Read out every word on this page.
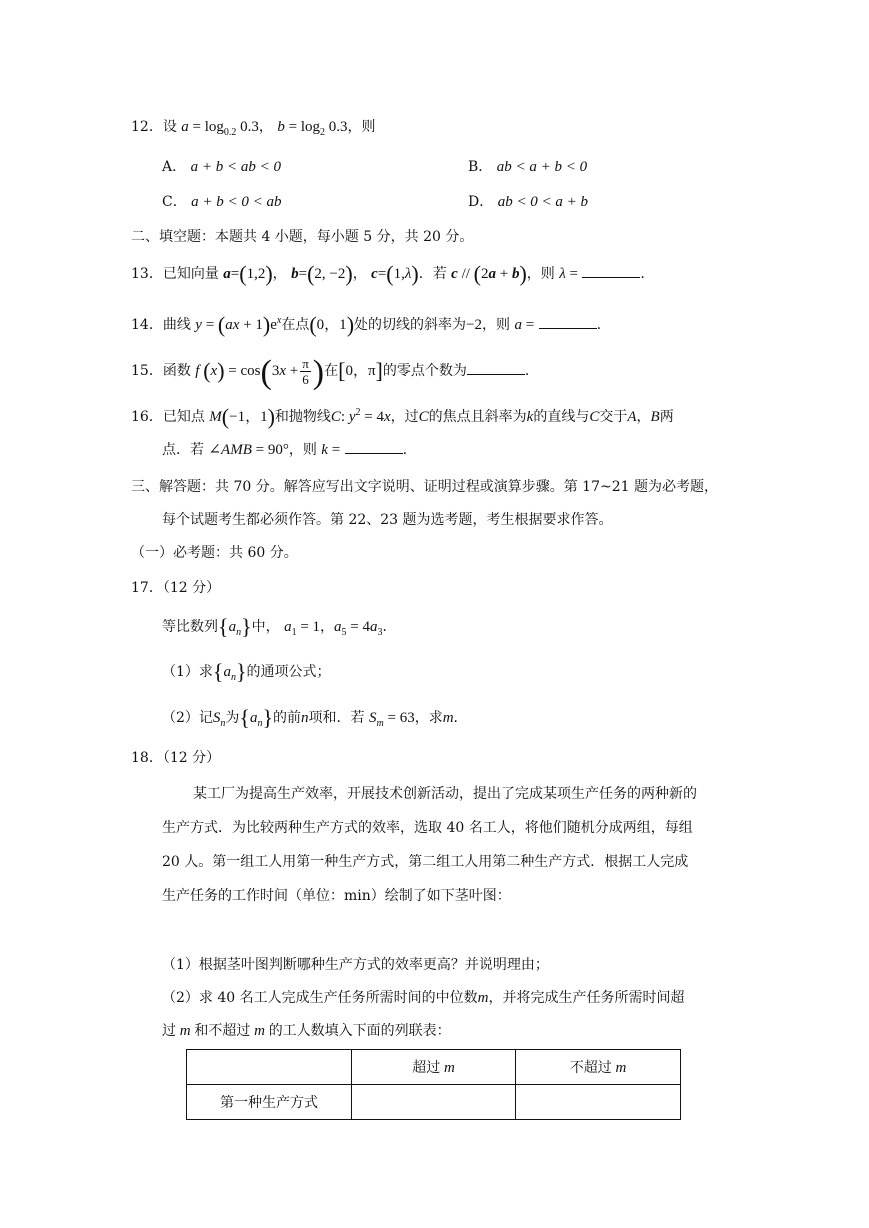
12．设 $a = \log_{0.2} 0.3$， $b = \log_2 0.3$，则
A． a + b < ab < 0	B． ab < a + b < 0
C． a + b < 0 < ab	D． ab < 0 < a + b
二、填空题：本题共 4 小题，每小题 5 分，共 20 分。
13．已知向量 a=(1,2)， b=(2, −2)， c=(1,λ)．若 c // (2a + b)，则 λ =	.
14．曲线 $y = (ax + 1)e^x$在点(0，1)处的切线的斜率为−2，则 a =	.
15．函数 f $(x) = \cos(3x + \frac{\pi}{6}$ )在[0，π]的零点个数为	.
16．已知点 M(−1，1)和抛物线C: $y^2 = 4x$，过C的焦点且斜率为k的直线与C交于A，B两
点．若 ∠AMB = 90°，则 k =	.
三、解答题：共 70 分。解答应写出文字说明、证明过程或演算步骤。第 17~21 题为必考题，
每个试题考生都必须作答。第 22、23 题为选考题，考生根据要求作答。
（一）必考题：共 60 分。
17．（12 分）
等比数列$\{a_n\}$中， $a_1 = 1$，$a_5 = 4a_3$．
（1）求$\{a_n\}$的通项公式；
（2）记$S_n$为$\{a_n\}$的前n项和．若 $S_m = 63$，求m．
18．（12 分）
某工厂为提高生产效率，开展技术创新活动，提出了完成某项生产任务的两种新的
生产方式．为比较两种生产方式的效率，选取 40 名工人，将他们随机分成两组，每组
20 人。第一组工人用第一种生产方式，第二组工人用第二种生产方式．根据工人完成
生产任务的工作时间（单位：min）绘制了如下茎叶图：
（1）根据茎叶图判断哪种生产方式的效率更高？并说明理由；
（2）求 40 名工人完成生产任务所需时间的中位数m，并将完成生产任务所需时间超
过 m 和不超过 m 的工人数填入下面的列联表：
	超过 m	不超过 m
第一种生产方式		
